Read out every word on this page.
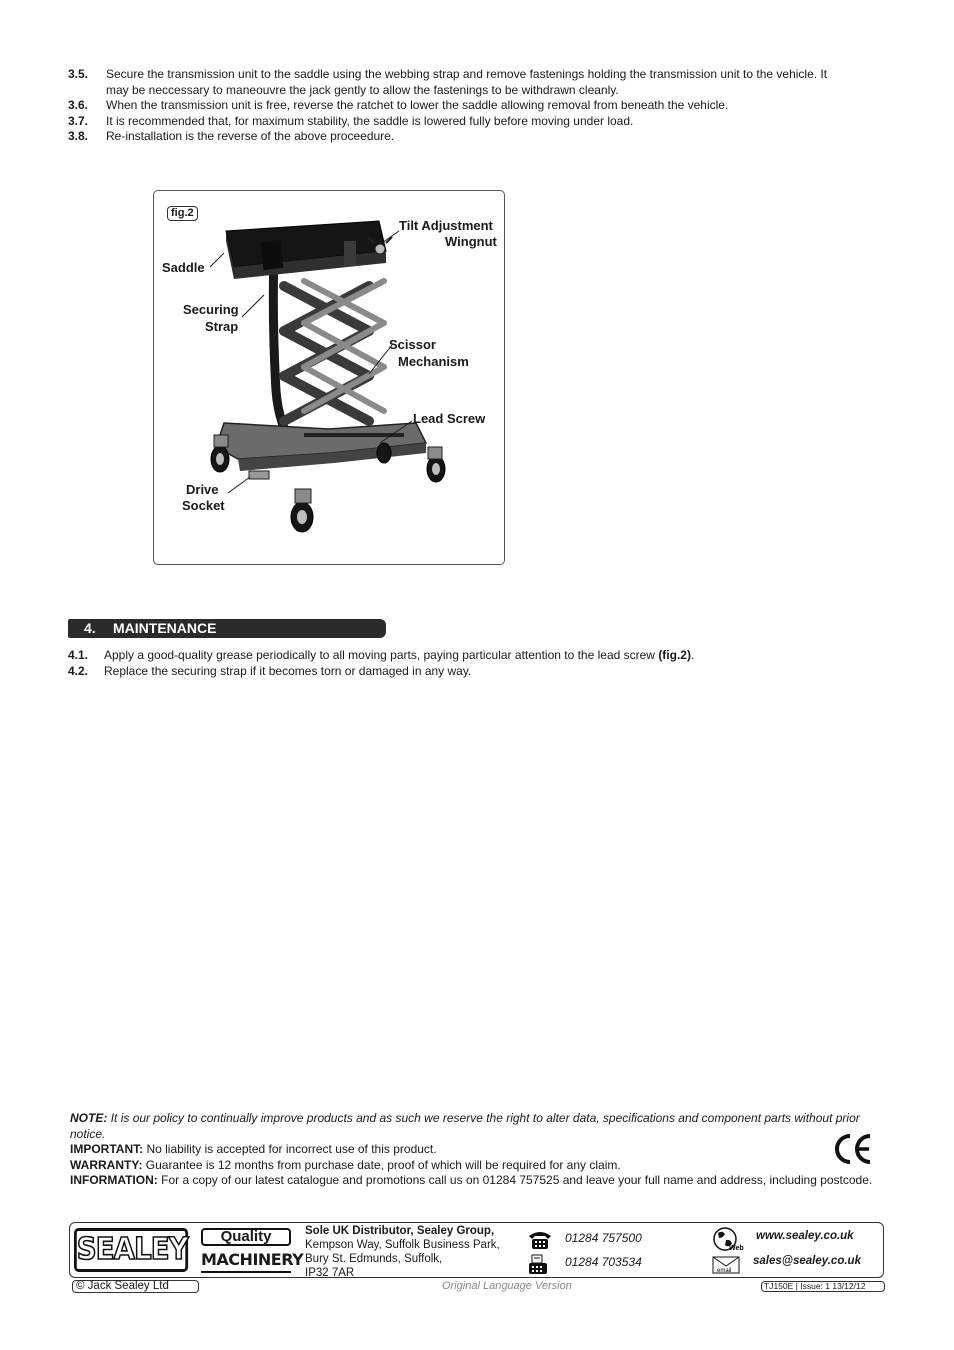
3.5.	Secure the transmission unit to the saddle using the webbing strap and remove fastenings holding the transmission unit to the vehicle. It may be neccessary to maneouvre the jack gently to allow the fastenings to be withdrawn cleanly.
3.6.	When the transmission unit is free, reverse the ratchet to lower the saddle allowing removal from beneath the vehicle.
3.7.	It is recommended that, for maximum stability, the saddle is lowered fully before moving under load.
3.8.	Re-installation is the reverse of the above proceedure.
fig.2
Tilt Adjustment
Wingnut
Saddle
Securing
Strap
Scissor
Mechanism
Lead Screw
Drive
Socket
4.	MAINTENANCE
4.1.	Apply a good-quality grease periodically to all moving parts, paying particular attention to the lead screw (fig.2).
4.2.	Replace the securing strap if it becomes torn or damaged in any way.

NOTE: It is our policy to continually improve products and as such we reserve the right to alter data, specifications and component parts without prior notice.

IMPORTANT: No liability is accepted for incorrect use of this product.

WARRANTY: Guarantee is 12 months from purchase date, proof of which will be required for any claim.

INFORMATION: For a copy of our latest catalogue and promotions call us on 01284 757525 and leave your full name and address, including postcode.

SEALEY	Quality
MACHINERY
Sole UK Distributor, Sealey Group,
Kempson Way, Suffolk Business Park,
Bury St. Edmunds, Suffolk,
IP32 7AR
01284 757500
01284 703534
Web
www.sealey.co.uk
email
sales@sealey.co.uk
© Jack Sealey Ltd	Original Language Version	TJ150E | Issue: 1 13/12/12
